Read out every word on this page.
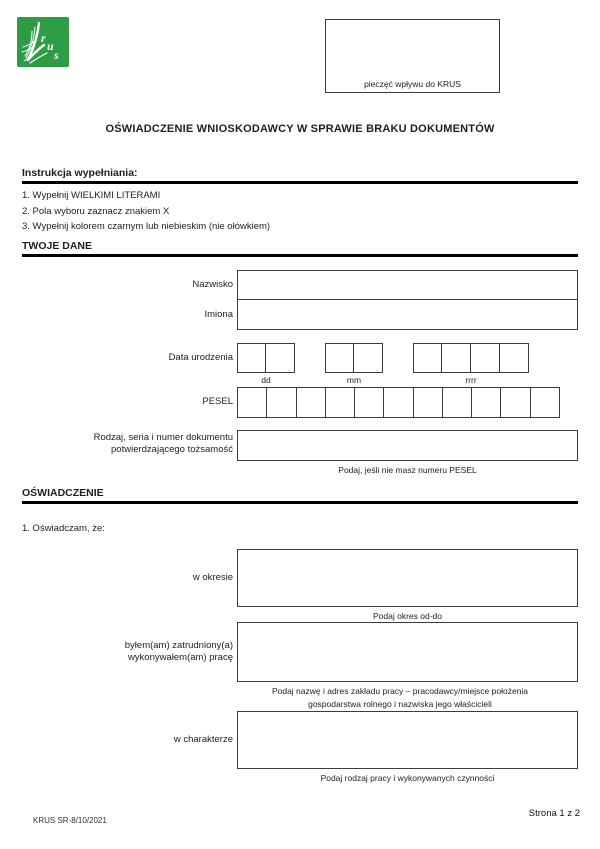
r
u
s
pieczęć wpływu do KRUS
OŚWIADCZENIE WNIOSKODAWCY W SPRAWIE BRAKU DOKUMENTÓW
Instrukcja wypełniania:
1. Wypełnij WIELKIMI LITERAMI
2. Pola wyboru zaznacz znakiem X
3. Wypełnij kolorem czarnym lub niebieskim (nie ołówkiem)
TWOJE DANE
Nazwisko
Imiona
Data urodzenia
dd	mm	rrrr
PESEL
Rodzaj, seria i numer dokumentu
potwierdzającego tożsamość
Podaj, jeśli nie masz numeru PESEL
OŚWIADCZENIE
1. Oświadczam, że:
w okresie
Podaj okres od-do
byłem(am) zatrudniony(a)
wykonywałem(am) pracę
Podaj nazwę i adres zakładu pracy – pracodawcy/miejsce położenia
gospodarstwa rolnego i nazwiska jego właścicieli
w charakterze
Podaj rodzaj pracy i wykonywanych czynności
KRUS SR-8/10/2021
Strona 1 z 2
